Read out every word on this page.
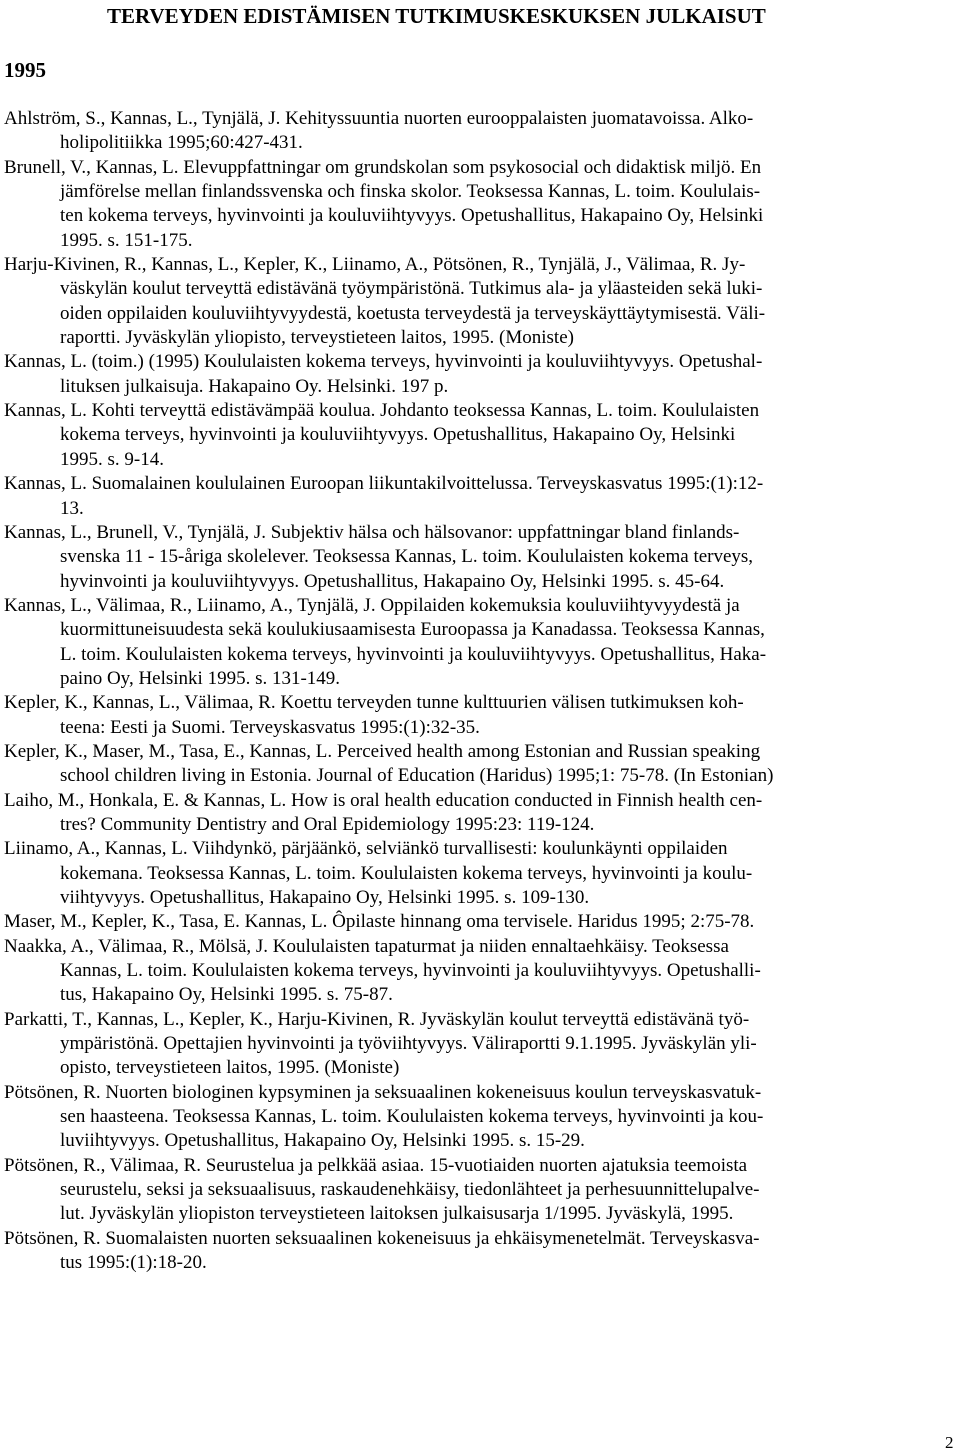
TERVEYDEN EDISTÄMISEN TUTKIMUSKESKUKSEN JULKAISUT
1995
Ahlström, S., Kannas, L., Tynjälä, J. Kehityssuuntia nuorten eurooppalaisten juomatavoissa. Alko-
holipolitiikka 1995;60:427-431.
Brunell, V., Kannas, L. Elevuppfattningar om grundskolan som psykosocial och didaktisk miljö. En
jämförelse mellan finlandssvenska och finska skolor. Teoksessa Kannas, L. toim. Koululais-
ten kokema terveys, hyvinvointi ja kouluviihtyvyys. Opetushallitus, Hakapaino Oy, Helsinki
1995. s. 151-175.
Harju-Kivinen, R., Kannas, L., Kepler, K., Liinamo, A., Pötsönen, R., Tynjälä, J., Välimaa, R. Jy-
väskylän koulut terveyttä edistävänä työympäristönä. Tutkimus ala- ja yläasteiden sekä luki-
oiden oppilaiden kouluviihtyvyydestä, koetusta terveydestä ja terveyskäyttäytymisestä. Väli-
raportti. Jyväskylän yliopisto, terveystieteen laitos, 1995. (Moniste)
Kannas, L. (toim.) (1995) Koululaisten kokema terveys, hyvinvointi ja kouluviihtyvyys. Opetushal-
lituksen julkaisuja. Hakapaino Oy. Helsinki. 197 p.
Kannas, L. Kohti terveyttä edistävämpää koulua. Johdanto teoksessa Kannas, L. toim. Koululaisten
kokema terveys, hyvinvointi ja kouluviihtyvyys. Opetushallitus, Hakapaino Oy, Helsinki
1995. s. 9-14.
Kannas, L. Suomalainen koululainen Euroopan liikuntakilvoittelussa. Terveyskasvatus 1995:(1):12-
13.
Kannas, L., Brunell, V., Tynjälä, J. Subjektiv hälsa och hälsovanor: uppfattningar bland finlands-
svenska 11 - 15-åriga skolelever. Teoksessa Kannas, L. toim. Koululaisten kokema terveys,
hyvinvointi ja kouluviihtyvyys. Opetushallitus, Hakapaino Oy, Helsinki 1995. s. 45-64.
Kannas, L., Välimaa, R., Liinamo, A., Tynjälä, J. Oppilaiden kokemuksia kouluviihtyvyydestä ja
kuormittuneisuudesta sekä koulukiusaamisesta Euroopassa ja Kanadassa. Teoksessa Kannas,
L. toim. Koululaisten kokema terveys, hyvinvointi ja kouluviihtyvyys. Opetushallitus, Haka-
paino Oy, Helsinki 1995. s. 131-149.
Kepler, K., Kannas, L., Välimaa, R. Koettu terveyden tunne kulttuurien välisen tutkimuksen koh-
teena: Eesti ja Suomi. Terveyskasvatus 1995:(1):32-35.
Kepler, K., Maser, M., Tasa, E., Kannas, L. Perceived health among Estonian and Russian speaking
school children living in Estonia. Journal of Education (Haridus) 1995;1: 75-78. (In Estonian)
Laiho, M., Honkala, E. & Kannas, L. How is oral health education conducted in Finnish health cen-
tres? Community Dentistry and Oral Epidemiology 1995:23: 119-124.
Liinamo, A., Kannas, L. Viihdynkö, pärjäänkö, selviänkö turvallisesti: koulunkäynti oppilaiden
kokemana. Teoksessa Kannas, L. toim. Koululaisten kokema terveys, hyvinvointi ja koulu-
viihtyvyys. Opetushallitus, Hakapaino Oy, Helsinki 1995. s. 109-130.
Maser, M., Kepler, K., Tasa, E. Kannas, L. Ôpilaste hinnang oma tervisele. Haridus 1995; 2:75-78.
Naakka, A., Välimaa, R., Mölsä, J. Koululaisten tapaturmat ja niiden ennaltaehkäisy. Teoksessa
Kannas, L. toim. Koululaisten kokema terveys, hyvinvointi ja kouluviihtyvyys. Opetushalli-
tus, Hakapaino Oy, Helsinki 1995. s. 75-87.
Parkatti, T., Kannas, L., Kepler, K., Harju-Kivinen, R. Jyväskylän koulut terveyttä edistävänä työ-
ympäristönä. Opettajien hyvinvointi ja työviihtyvyys. Väliraportti 9.1.1995. Jyväskylän yli-
opisto, terveystieteen laitos, 1995. (Moniste)
Pötsönen, R. Nuorten biologinen kypsyminen ja seksuaalinen kokeneisuus koulun terveyskasvatuk-
sen haasteena. Teoksessa Kannas, L. toim. Koululaisten kokema terveys, hyvinvointi ja kou-
luviihtyvyys. Opetushallitus, Hakapaino Oy, Helsinki 1995. s. 15-29.
Pötsönen, R., Välimaa, R. Seurustelua ja pelkkää asiaa. 15-vuotiaiden nuorten ajatuksia teemoista
seurustelu, seksi ja seksuaalisuus, raskaudenehkäisy, tiedonlähteet ja perhesuunnittelupalve-
lut. Jyväskylän yliopiston terveystieteen laitoksen julkaisusarja 1/1995. Jyväskylä, 1995.
Pötsönen, R. Suomalaisten nuorten seksuaalinen kokeneisuus ja ehkäisymenetelmät. Terveyskasva-
tus 1995:(1):18-20.
2
